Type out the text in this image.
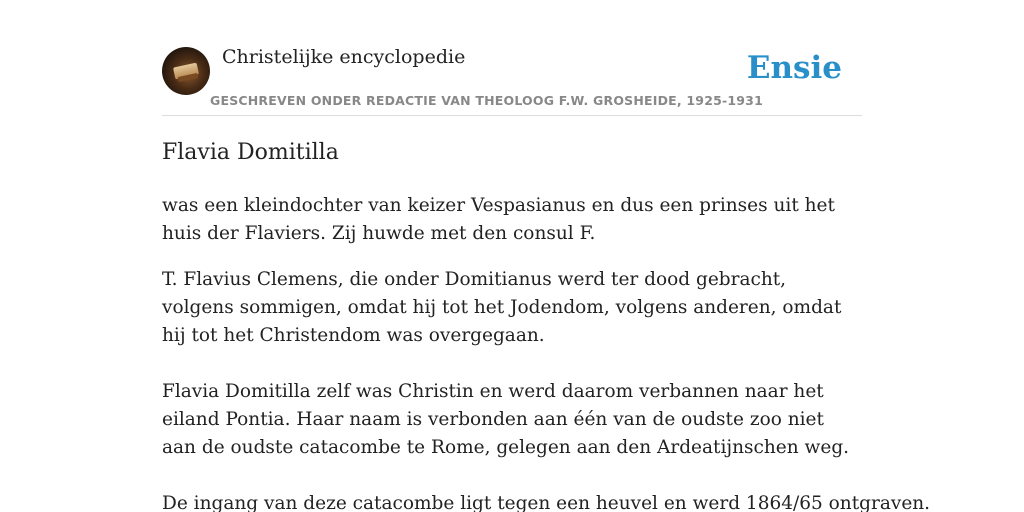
Christelijke encyclopedie
GESCHREVEN ONDER REDACTIE VAN THEOLOOG F.W. GROSHEIDE, 1925-1931
Ensie
Flavia Domitilla

was een kleindochter van keizer Vespasianus en dus een prinses uit het huis der Flaviers. Zij huwde met den consul F.

T. Flavius Clemens, die onder Domitianus werd ter dood gebracht, volgens sommigen, omdat hij tot het Jodendom, volgens anderen, omdat hij tot het Christendom was overgegaan.

Flavia Domitilla zelf was Christin en werd daarom verbannen naar het eiland Pontia. Haar naam is verbonden aan één van de oudste zoo niet aan de oudste catacombe te Rome, gelegen aan den Ardeatijnschen weg.

De ingang van deze catacombe ligt tegen een heuvel en werd 1864/65 ontgraven.
